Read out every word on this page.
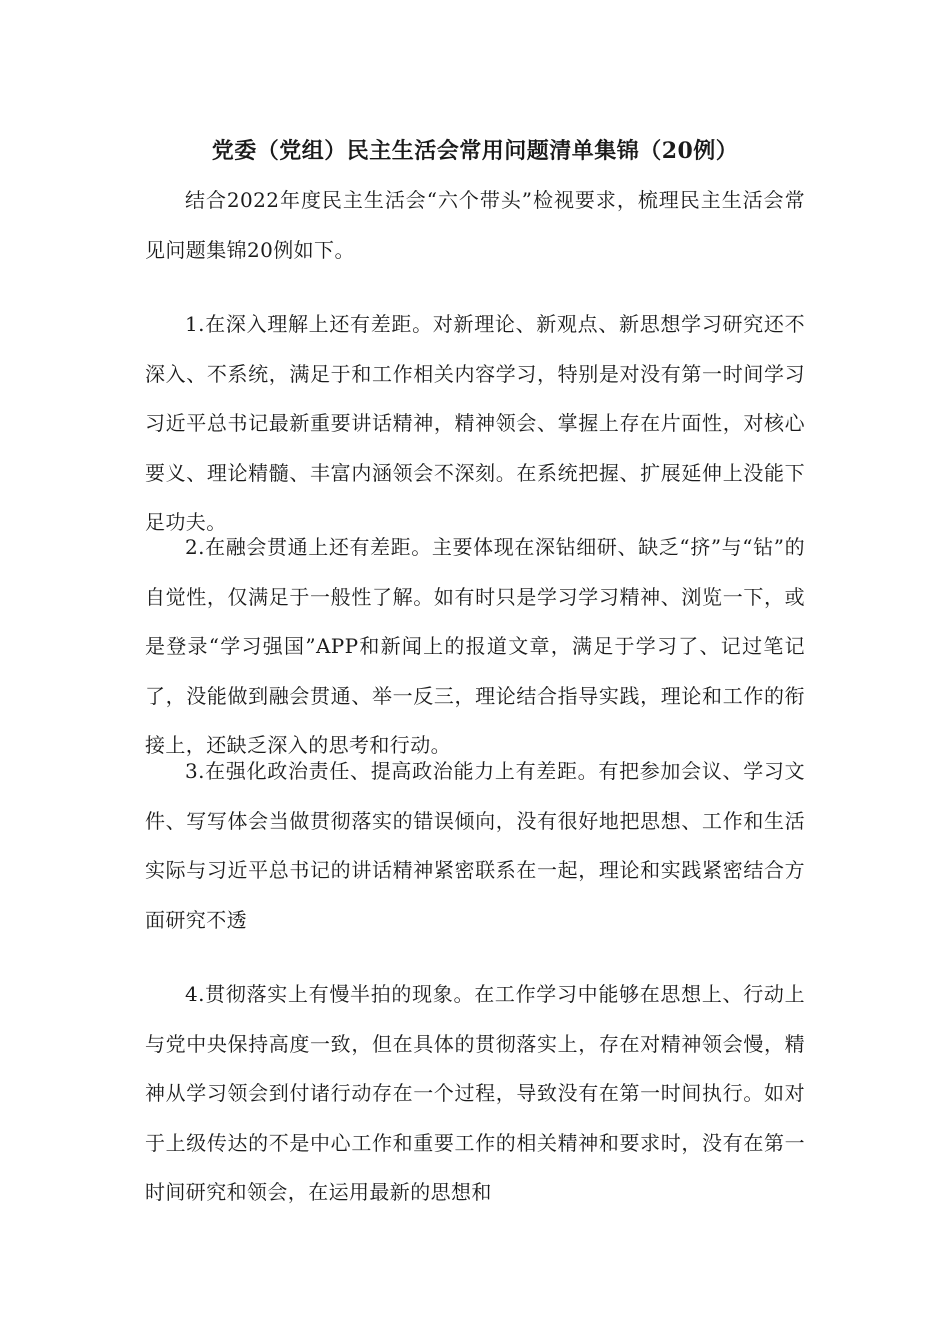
党委（党组）民主生活会常用问题清单集锦（20例）

结合2022年度民主生活会“六个带头”检视要求，梳理民主生活会常见问题集锦20例如下。

1.在深入理解上还有差距。对新理论、新观点、新思想学习研究还不深入、不系统，满足于和工作相关内容学习，特别是对没有第一时间学习习近平总书记最新重要讲话精神，精神领会、掌握上存在片面性，对核心要义、理论精髓、丰富内涵领会不深刻。在系统把握、扩展延伸上没能下足功夫。

2.在融会贯通上还有差距。主要体现在深钻细研、缺乏“挤”与“钻”的自觉性，仅满足于一般性了解。如有时只是学习学习精神、浏览一下，或是登录“学习强国”APP和新闻上的报道文章，满足于学习了、记过笔记了，没能做到融会贯通、举一反三，理论结合指导实践，理论和工作的衔接上，还缺乏深入的思考和行动。

3.在强化政治责任、提高政治能力上有差距。有把参加会议、学习文件、写写体会当做贯彻落实的错误倾向，没有很好地把思想、工作和生活实际与习近平总书记的讲话精神紧密联系在一起，理论和实践紧密结合方面研究不透

4.贯彻落实上有慢半拍的现象。在工作学习中能够在思想上、行动上与党中央保持高度一致，但在具体的贯彻落实上，存在对精神领会慢，精神从学习领会到付诸行动存在一个过程，导致没有在第一时间执行。如对于上级传达的不是中心工作和重要工作的相关精神和要求时，没有在第一时间研究和领会，在运用最新的思想和
